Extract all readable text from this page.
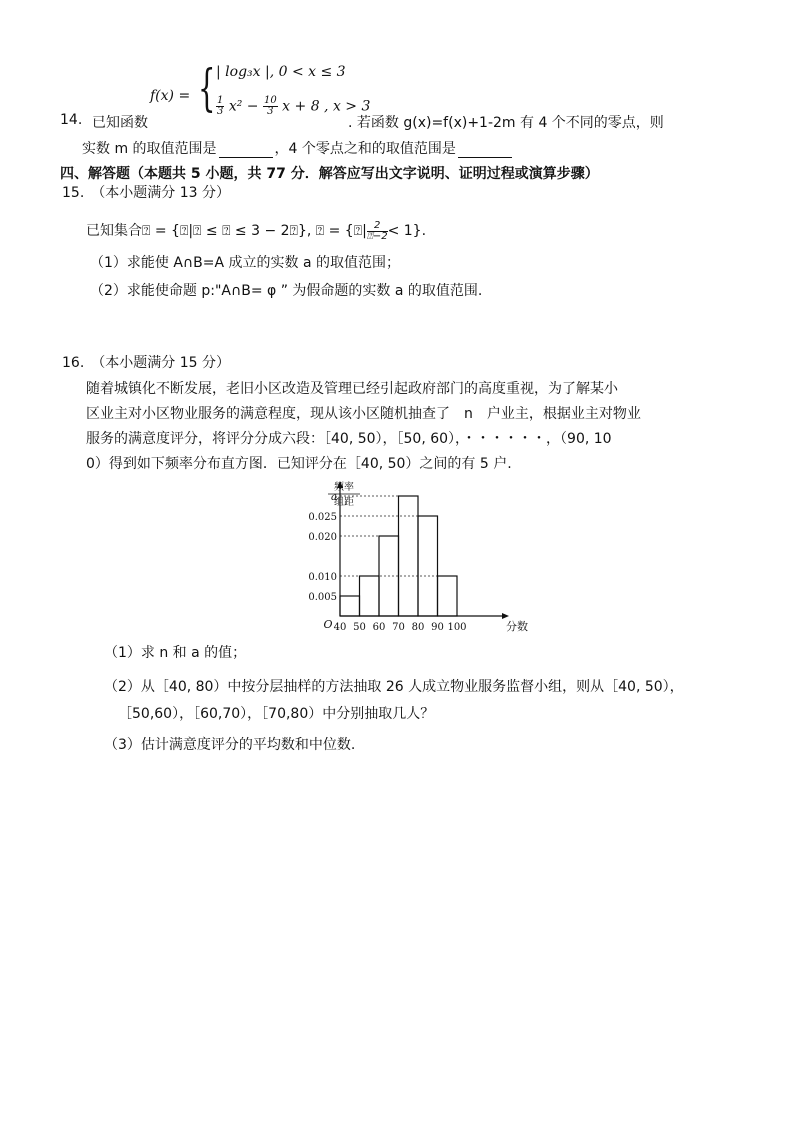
14. 已知函数
f(x) = { | log₃x |, 0 < x ≤ 3
$\frac{1}{3} x^2 - \frac{10}{3}$ x + 8 , x > 3
. 若函数 g(x)=f(x)+1-2m 有 4 个不同的零点，则
实数 m 的取值范围是	，4 个零点之和的取值范围是
四、解答题（本题共 5 小题，共 77 分．解答应写出文字说明、证明过程或演算步骤）
15.　（本小题满分 13 分）
已知集合⍰ = {⍰|⍰ ≤ ⍰ ≤ 3 − 2⍰}, ⍰ = {⍰| $\frac{2}{⍰-2} < 1$}.
（1）求能使 A∩B=A 成立的实数 a 的取值范围；
（2）求能使命题 p:"A∩B= φ ” 为假命题的实数 a 的取值范围.
16.　（本小题满分 15 分）
随着城镇化不断发展，老旧小区改造及管理已经引起政府部门的高度重视，为了解某小
区业主对小区物业服务的满意程度，现从该小区随机抽查了　n　户业主，根据业主对物业
服务的满意度评分，将评分分成六段：［40, 50），［50, 60），・・・・・・，（90, 10
0）得到如下频率分布直方图．已知评分在［40, 50）之间的有 5 户.
0.005
0.010
0.020
0.025
a
40 50 60 70 80 90 100
O	分数
频率
组距
（1）求 n 和 a 的值；
（2）从［40, 80）中按分层抽样的方法抽取 26 人成立物业服务监督小组，则从［40, 50），
［50,60），［60,70），［70,80）中分别抽取几人？
（3）估计满意度评分的平均数和中位数.
